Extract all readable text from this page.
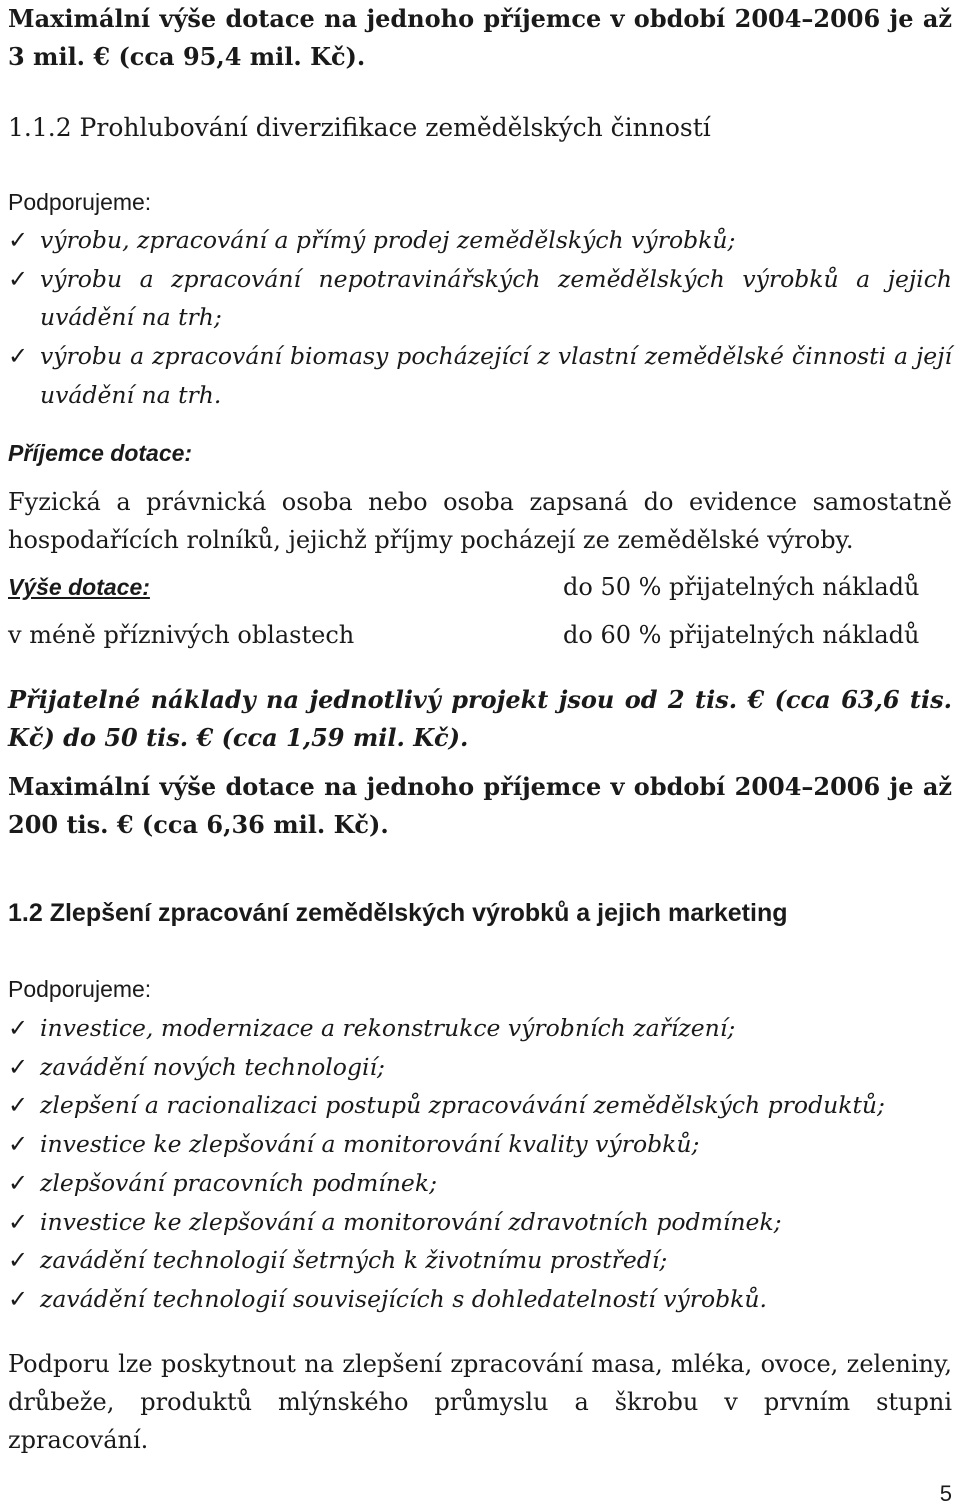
Maximální výše dotace na jednoho příjemce v období 2004–2006 je až 3 mil. € (cca 95,4 mil. Kč).

1.1.2 Prohlubování diverzifikace zemědělských činností

Podporujeme:

✓ výrobu, zpracování a přímý prodej zemědělských výrobků;
✓ výrobu a zpracování nepotravinářských zemědělských výrobků a jejich uvádění na trh;
✓ výrobu a zpracování biomasy pocházející z vlastní zemědělské činnosti a její uvádění na trh.

Příjemce dotace:

Fyzická a právnická osoba nebo osoba zapsaná do evidence samostatně hospodařících rolníků, jejichž příjmy pocházejí ze zemědělské výroby.

Výše dotace:	do 50 % přijatelných nákladů
v méně příznivých oblastech	do 60 % přijatelných nákladů

Přijatelné náklady na jednotlivý projekt jsou od 2 tis. € (cca 63,6 tis. Kč) do 50 tis. € (cca 1,59 mil. Kč).

Maximální výše dotace na jednoho příjemce v období 2004–2006 je až 200 tis. € (cca 6,36 mil. Kč).

1.2 Zlepšení zpracování zemědělských výrobků a jejich marketing

Podporujeme:

✓ investice, modernizace a rekonstrukce výrobních zařízení;
✓ zavádění nových technologií;
✓ zlepšení a racionalizaci postupů zpracovávání zemědělských produktů;
✓ investice ke zlepšování a monitorování kvality výrobků;
✓ zlepšování pracovních podmínek;
✓ investice ke zlepšování a monitorování zdravotních podmínek;
✓ zavádění technologií šetrných k životnímu prostředí;
✓ zavádění technologií souvisejících s dohledatelností výrobků.

Podporu lze poskytnout na zlepšení zpracování masa, mléka, ovoce, zeleniny, drůbeže, produktů mlýnského průmyslu a škrobu v prvním stupni zpracování.

5
